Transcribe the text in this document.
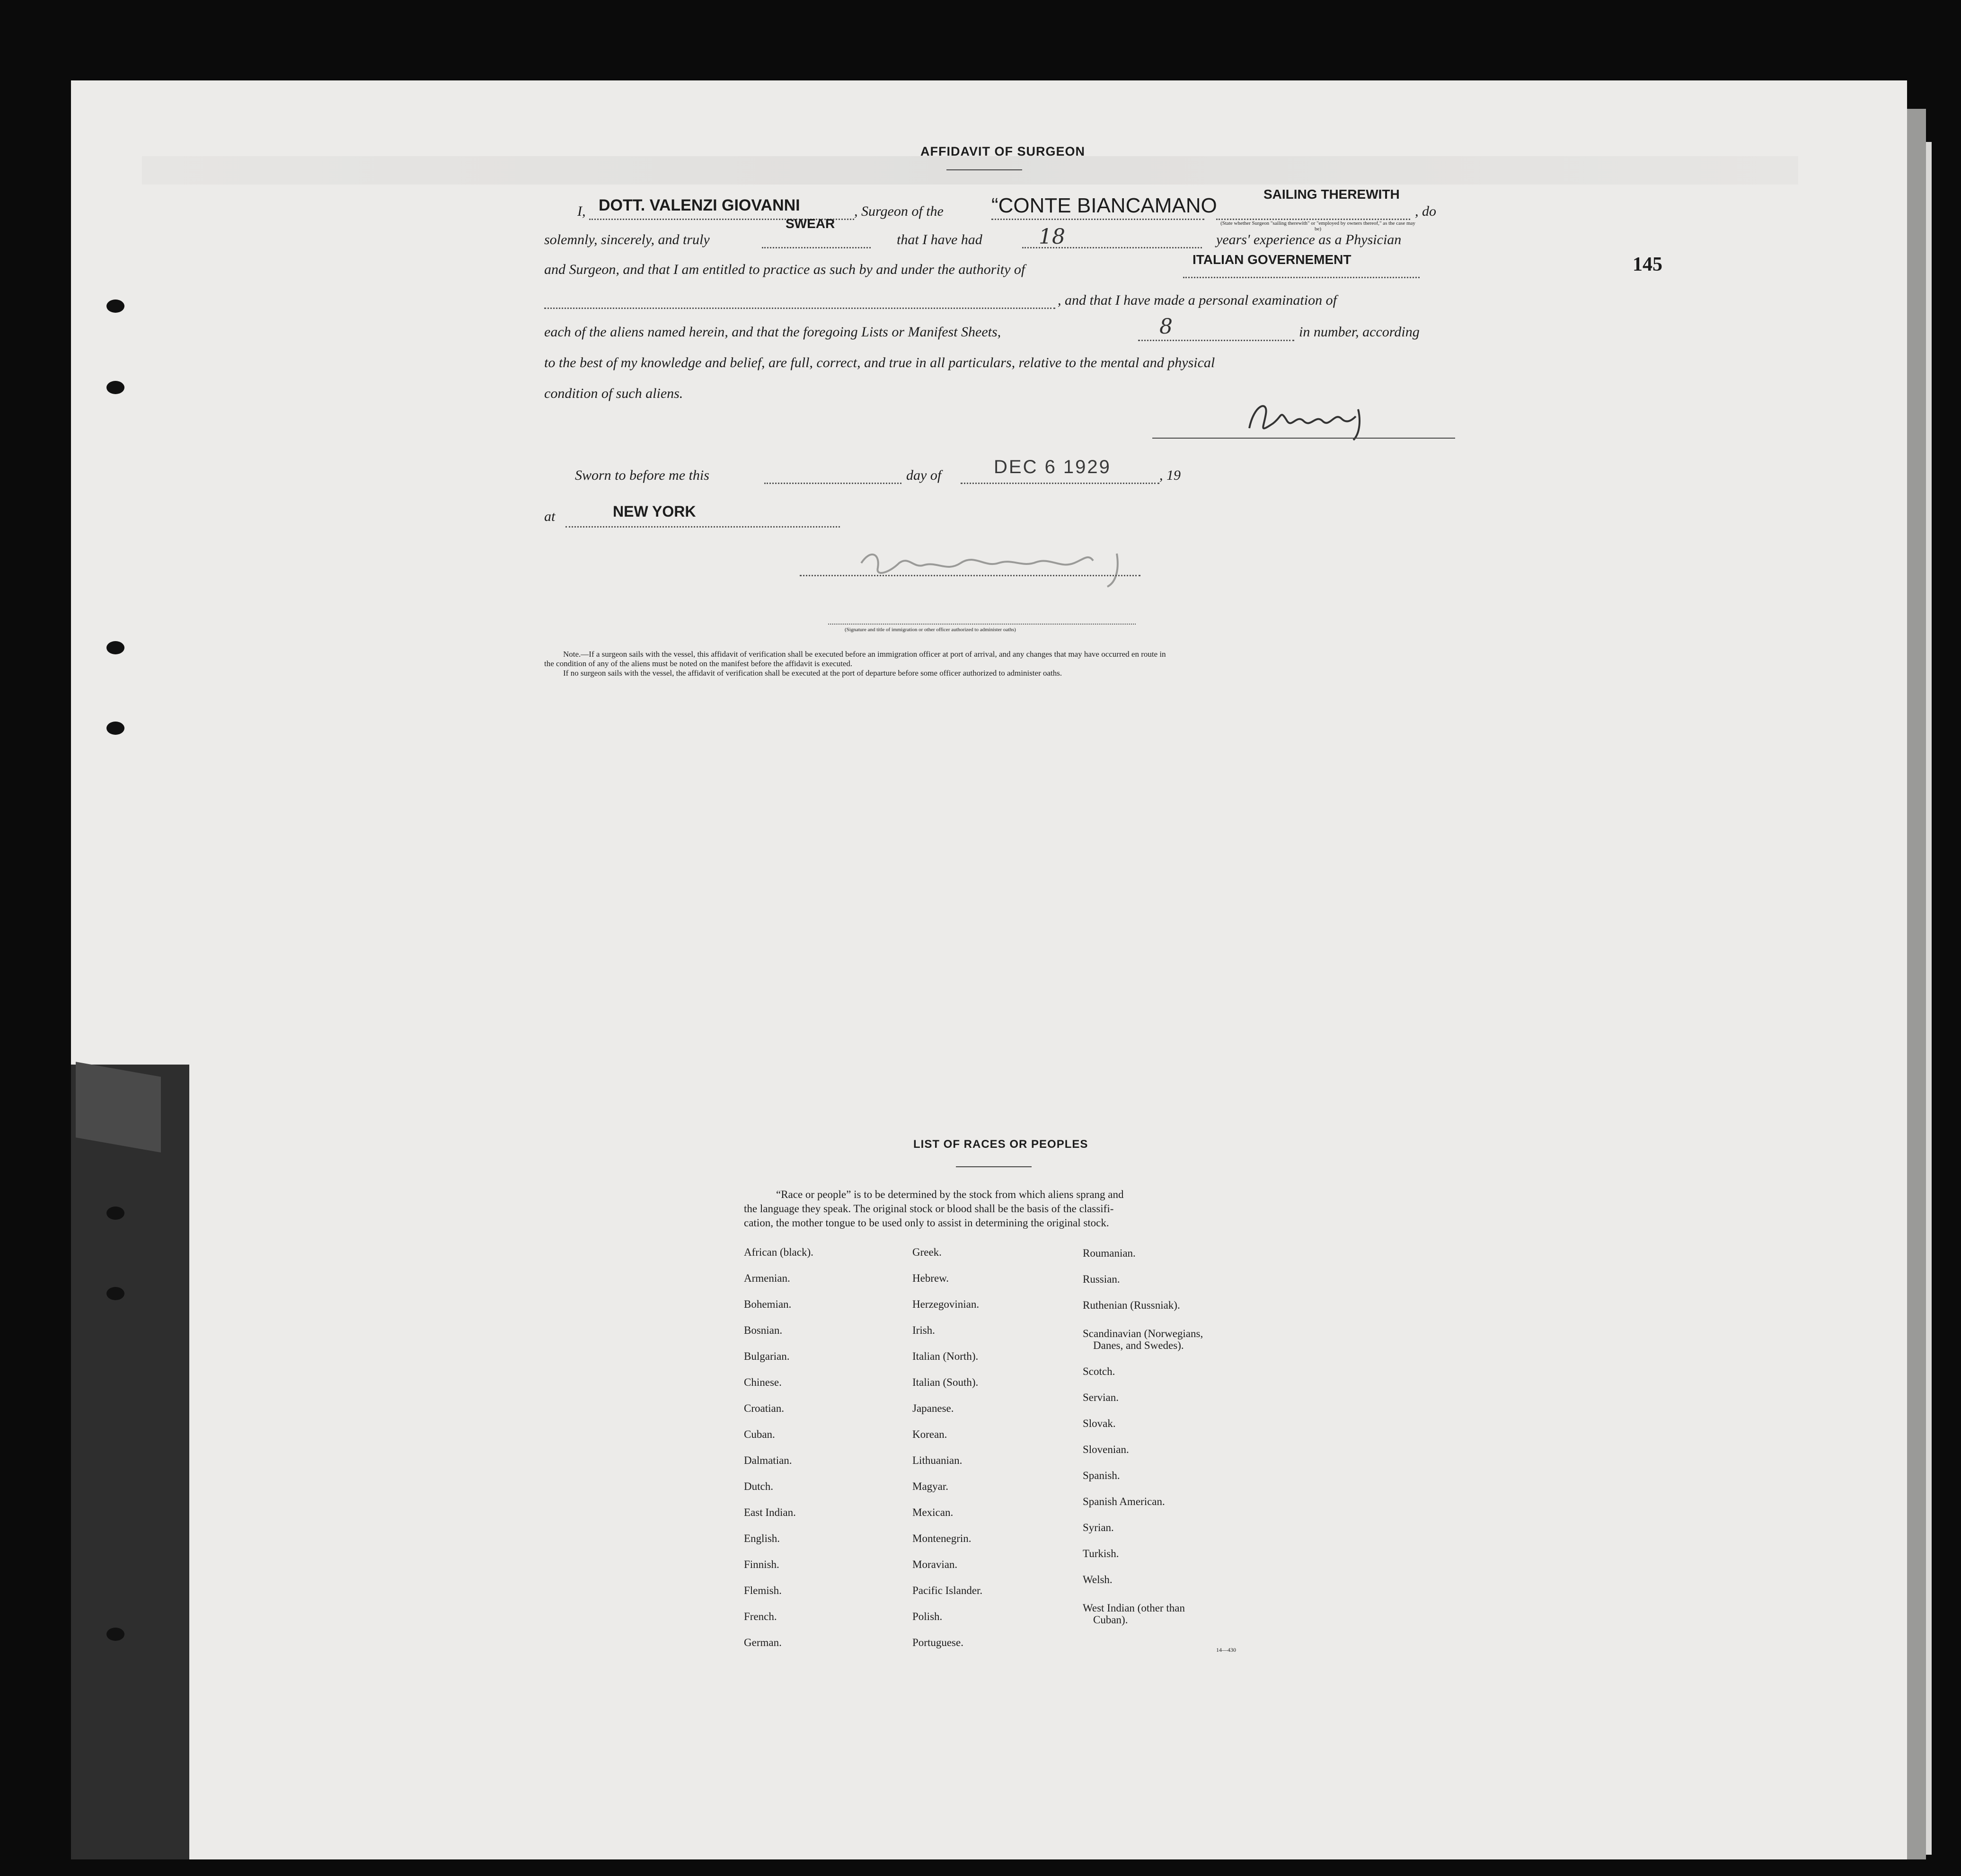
145
AFFIDAVIT OF SURGEON
I, DOTT. VALENZI GIOVANNI	, Surgeon of the “CONTE BIANCAMANO	SAILING THEREWITH
(State whether Surgeon "sailing therewith" or "employed by owners thereof," as the case may be)
, do
solemnly, sincerely, and truly
SWEAR
that I have had	18	years' experience as a Physician
and Surgeon, and that I am entitled to practice as such by and under the authority of
ITALIAN GOVERNEMENT
, and that I have made a personal examination of
each of the aliens named herein, and that the foregoing Lists or Manifest Sheets,	8	in number, according
to the best of my knowledge and belief, are full, correct, and true in all particulars, relative to the mental and physical
condition of such aliens.
Sworn to before me this	day of	DEC 6 1929	, 19
at	NEW YORK
(Signature and title of immigration or other officer authorized to administer oaths)
Note.—If a surgeon sails with the vessel, this affidavit of verification shall be executed before an immigration officer at port of arrival, and any changes that may have occurred en route in
the condition of any of the aliens must be noted on the manifest before the affidavit is executed.
If no surgeon sails with the vessel, the affidavit of verification shall be executed at the port of departure before some officer authorized to administer oaths.
LIST OF RACES OR PEOPLES
“Race or people” is to be determined by the stock from which aliens sprang and
the language they speak. The original stock or blood shall be the basis of the classifi-
cation, the mother tongue to be used only to assist in determining the original stock.
African (black).
Armenian.
Bohemian.
Bosnian.
Bulgarian.
Chinese.
Croatian.
Cuban.
Dalmatian.
Dutch.
East Indian.
English.
Finnish.
Flemish.
French.
German.
Greek.
Hebrew.
Herzegovinian.
Irish.
Italian (North).
Italian (South).
Japanese.
Korean.
Lithuanian.
Magyar.
Mexican.
Montenegrin.
Moravian.
Pacific Islander.
Polish.
Portuguese.
Roumanian.
Russian.
Ruthenian (Russniak).
Scandinavian (Norwegians,
Danes, and Swedes).
Scotch.
Servian.
Slovak.
Slovenian.
Spanish.
Spanish American.
Syrian.
Turkish.
Welsh.
West Indian (other than
Cuban).
14—430
